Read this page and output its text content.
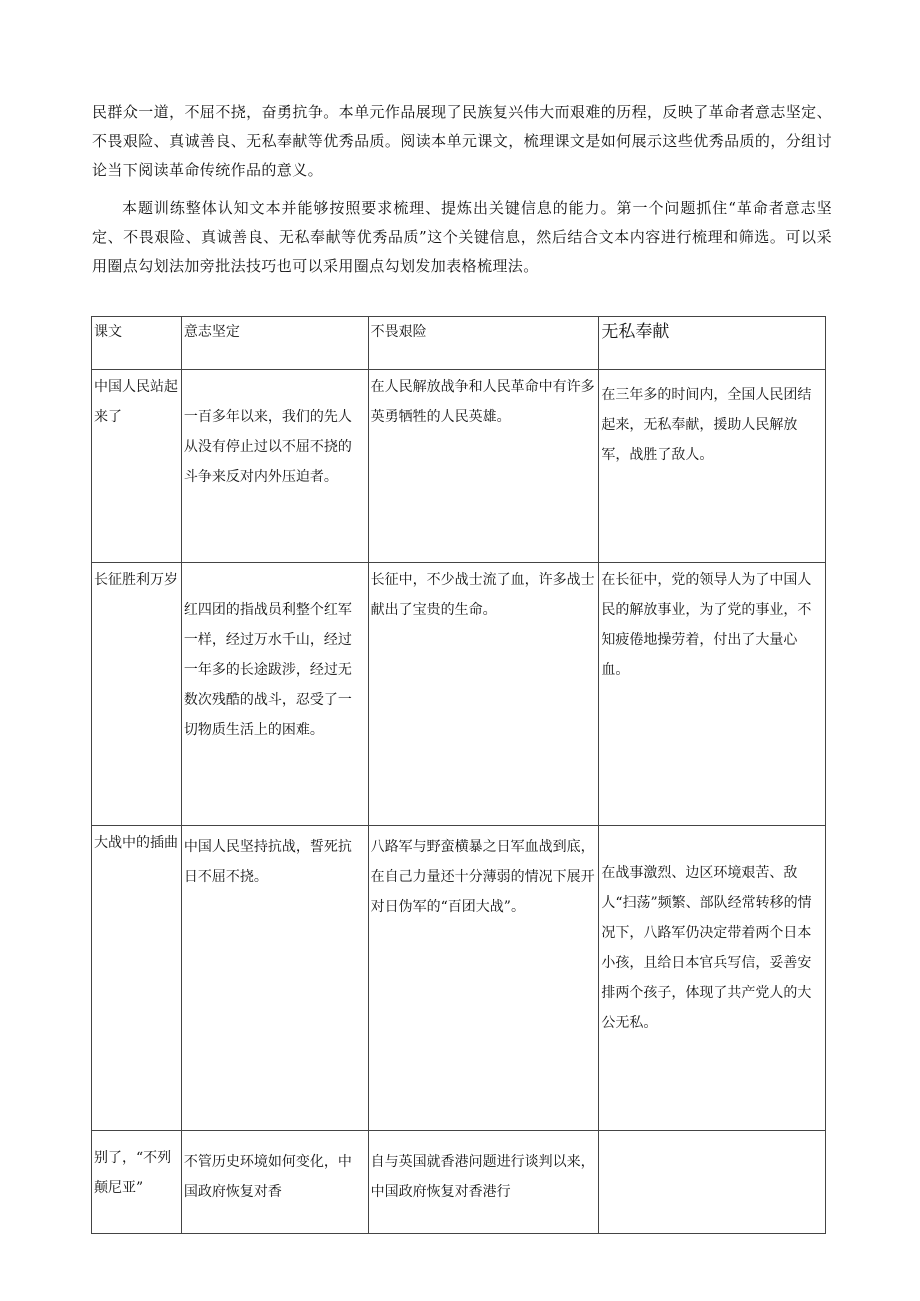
民群众一道，不屈不挠，奋勇抗争。本单元作品展现了民族复兴伟大而艰难的历程，反映了革命者意志坚定、不畏艰险、真诚善良、无私奉献等优秀品质。阅读本单元课文，梳理课文是如何展示这些优秀品质的，分组讨论当下阅读革命传统作品的意义。

本题训练整体认知文本并能够按照要求梳理、提炼出关键信息的能力。第一个问题抓住“革命者意志坚定、不畏艰险、真诚善良、无私奉献等优秀品质”这个关键信息，然后结合文本内容进行梳理和筛选。可以采用圈点勾划法加旁批法技巧也可以采用圈点勾划发加表格梳理法。

课文	意志坚定	不畏艰险	无私奉献
中国人民站起来了	一百多年以来，我们的先人从没有停止过以不屈不挠的斗争来反对内外压迫者。	在人民解放战争和人民革命中有许多英勇牺牲的人民英雄。	在三年多的时间内，全国人民团结起来，无私奉献，援助人民解放军，战胜了敌人。
长征胜利万岁	红四团的指战员利整个红军一样，经过万水千山，经过一年多的长途跋涉，经过无数次残酷的战斗，忍受了一切物质生活上的困难。	长征中，不少战士流了血，许多战士献出了宝贵的生命。	在长征中，党的领导人为了中国人民的解放事业，为了党的事业，不知疲倦地操劳着，付出了大量心血。
大战中的插曲	中国人民坚持抗战，誓死抗日不屈不挠。	八路军与野蛮横暴之日军血战到底，在自己力量还十分薄弱的情况下展开对日伪军的“百团大战”。	在战事激烈、边区环境艰苦、敌人“扫荡”频繁、部队经常转移的情况下，八路军仍决定带着两个日本小孩，且给日本官兵写信，妥善安排两个孩子，体现了共产党人的大公无私。
别了，“不列颠尼亚”	不管历史环境如何变化，中国政府恢复对香	自与英国就香港问题进行谈判以来，中国政府恢复对香港行	
